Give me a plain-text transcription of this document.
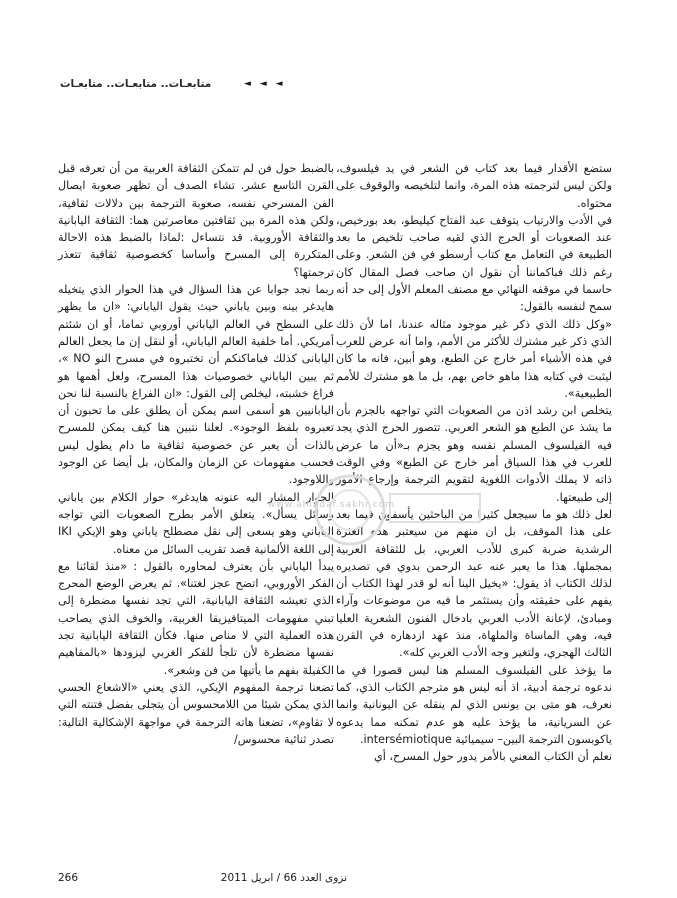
متابعـات.. متابعـات.. متابعـات	◄ ◄ ◄

ستضع الأقدار فيما بعد كتاب فن الشعر في يد فيلسوف، ولكن ليس لترجمته هذه المرة، وانما لتلخيصه والوقوف على محتواه.

في الأدب والارتياب يتوقف عبد الفتاح كيليطو، بعد بورخيص، عند الصعوبات أو الحرج الذي لقيه صاحب تلخيص ما بعد الطبيعة في التعامل مع كتاب أرسطو في فن الشعر. وعلى رغم ذلك فباكماننا أن نقول ان صاحب فصل المقال كان حاسما في موقفه النهائي مع مصنف المعلم الأول إلى حد أنه سمح لنفسه بالقول:

«وكل ذلك الذي ذكر غير موجود مثاله عندنا، اما لأن ذلك الذي ذكر غير مشترك للأكثر من الأمم، واما أنه عرض للعرب في هذه الأشياء أمر خارج عن الطبع، وهو أبين، فانه ما كان ليثبت في كتابه هذا ماهو خاص بهم، بل ما هو مشترك للأمم الطبيعية».

يتخلص ابن رشد اذن من الصعوبات التي تواجهه بالجزم بأن ما يشذ عن الطبع هو الشعر العربي. تتصور الحرج الذي يجد فيه الفيلسوف المسلم نفسه وهو يجزم بـ«أن ما عرض للعرب في هذا السياق أمر خارج عن الطبع» وفي الوقت ذاته لا يملك الأدوات اللغوية لتقويم الترجمة وإرجاع الأمور إلى طبيعتها.

لعل ذلك هو ما سيجعل كثيرا من الباحثين يأسفون فيما بعد على هذا الموقف، بل ان منهم من سيعتبر هذه العثرة الرشدية ضربة كبرى للأدب العربي، بل للثقافة العربية بمجملها. هذا ما يعبر عنه عبد الرحمن بدوي في تصديره لذلك الكتاب اذ يقول: «يخيل الينا أنه لو قدر لهذا الكتاب أن يفهم على حقيقته وأن يستثمر ما فيه من موضوعات وآراء ومبادئ، لإعانة الأدب العربي بادخال الفنون الشعرية العليا فيه، وهي الماساة والملهاة، منذ عهد ازدهاره في القرن الثالث الهجري، ولتغير وجه الأدب العربي كله».

ما يؤخذ على الفيلسوف المسلم هنا ليس قصورا في ما ندعوه ترجمة أدبية، اذ أنه ليس هو مترجم الكتاب الذي، كما نعرف، هو متى بن يونس الذي لم ينقله عن اليونانية وانما عن السريانية، ما يؤخذ عليه هو عدم تمكنه مما يدعوه ياكوبسون الترجمة البين– سيميائية intersémiotique.

نعلم أن الكتاب المعني بالأمر يدور حول المسرح، أي

بالضبط حول فن لم تتمكن الثقافة العربية من أن تعرفه قبل القرن التاسع عشر. تشاء الصدف أن تظهر صعوبة ايصال الفن المسرحي نفسه، صعوبة الترجمة بين دلالات ثقافية، ولكن هذه المرة بين ثقافتين معاصرتين هما: الثقافة اليابانية والثقافة الأوروبية. قد نتساءل :لماذا بالضبط هذه الاحالة المتكررة إلى المسرح وأساسا كخصوصية ثقافية تتعذر ترجمتها؟

ربما نجد جوابا عن هذا السؤال في هذا الحوار الذي يتخيله هايدغر بينه وبين ياباني حيث يقول الياباني: «ان ما يظهر على السطح في العالم الياباني أوروبي تماما، أو ان شئتم أمريكي. أما خلفية العالم الياباني، أو لنقل إن ما يجعل العالم اليابانى كذلك فباماكنكم أن تختبروه في مسرح النو NO »، ثم يبين الياباني خصوصيات هذا المسرح، ولعل أهمها هو فراغ خشبته، ليخلص إلى القول: «ان الفراغ بالنسبة لنا نحن اليابانيين هو أسمى اسم يمكن أن يطلق على ما تحبون أن تعبروه بلفظ الوجود». لعلنا نتبين هنا كيف يمكن للمسرح بالذات أن يعبر عن خصوصية ثقافية ما دام يطول ليس فحسب مفهومات عن الزمان والمكان، بل أيضا عن الوجود واللاوجود.

الحوار المشار اليه عنونه هايدغر» حوار الكلام بين ياباني وسائل يسأل». يتعلق الأمر بطرح الصعوبات التي تواجه الياباني وهو يسعى إلى نقل مصطلح ياباني وهو الإيكي IKI إلى اللغة الألمانية قصد تقريب السائل من معناه.

يبدأ الياباني بأن يعترف لمحاوره بالقول : «منذ لقائنا مع الفكر الأوروبي، اتضح عجز لغتنا». ثم يعرض الوضع المحرج الذي تعيشه الثقافة اليابانية، التي تجد نفسها مضطرة إلى تبني مفهومات الميتافيزيقا الغربية، والخوف الذي يصاحب هذه العملية التي لا مناص منها. فكأن الثقافة اليابانية تجد نفسها مضطرة لأن تلجأ للفكر الغربي ليزودها «بالمفاهيم الكفيلة بفهم ما يأتيها من فن وشعر».

تضعنا ترجمة المفهوم الإيكي، الذي يعني «الاشعاع الحسي الذي يمكن شيئا من اللامحسوس أن يتجلى بفضل فتنته التي لا تقاوم»، تضعنا هاته الترجمة في مواجهة الإشكالية التالية: تصدر ثنائية محسوس/

www.alhadaf.sakhr.com
266	نزوى العدد 66 / ابريل 2011
